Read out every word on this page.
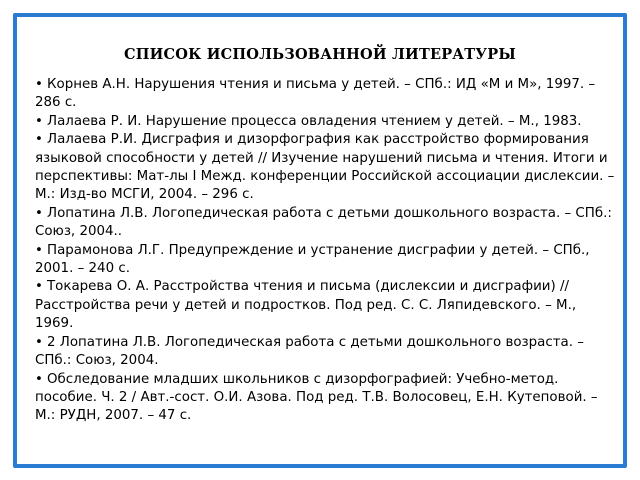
СПИСОК ИСПОЛЬЗОВАННОЙ ЛИТЕРАТУРЫ
• Корнев А.Н. Нарушения чтения и письма у детей. – СПб.: ИД «М и М», 1997. – 286 с.
• Лалаева Р. И. Нарушение процесса овладения чтением у детей. – М., 1983.
• Лалаева Р.И. Дисграфия и дизорфография как расстройство формирования языковой способности у детей // Изучение нарушений письма и чтения. Итоги и перспективы: Мат-лы I Межд. конференции Российской ассоциации дислексии. – М.: Изд-во МСГИ, 2004. – 296 с.
• Лопатина Л.В. Логопедическая работа с детьми дошкольного возраста. – СПб.: Союз, 2004..
• Парамонова Л.Г. Предупреждение и устранение дисграфии у детей. – СПб., 2001. – 240 с.
• Токарева О. А. Расстройства чтения и письма (дислексии и дисграфии) // Расстройства речи у детей и подростков. Под ред. С. С. Ляпидевского. – М., 1969.
• 2 Лопатина Л.В. Логопедическая работа с детьми дошкольного возраста. – СПб.: Союз, 2004.
• Обследование младших школьников с дизорфографией: Учебно-метод. пособие. Ч. 2 / Авт.-сост. О.И. Азова. Под ред. Т.В. Волосовец, Е.Н. Кутеповой. – М.: РУДН, 2007. – 47 с.
